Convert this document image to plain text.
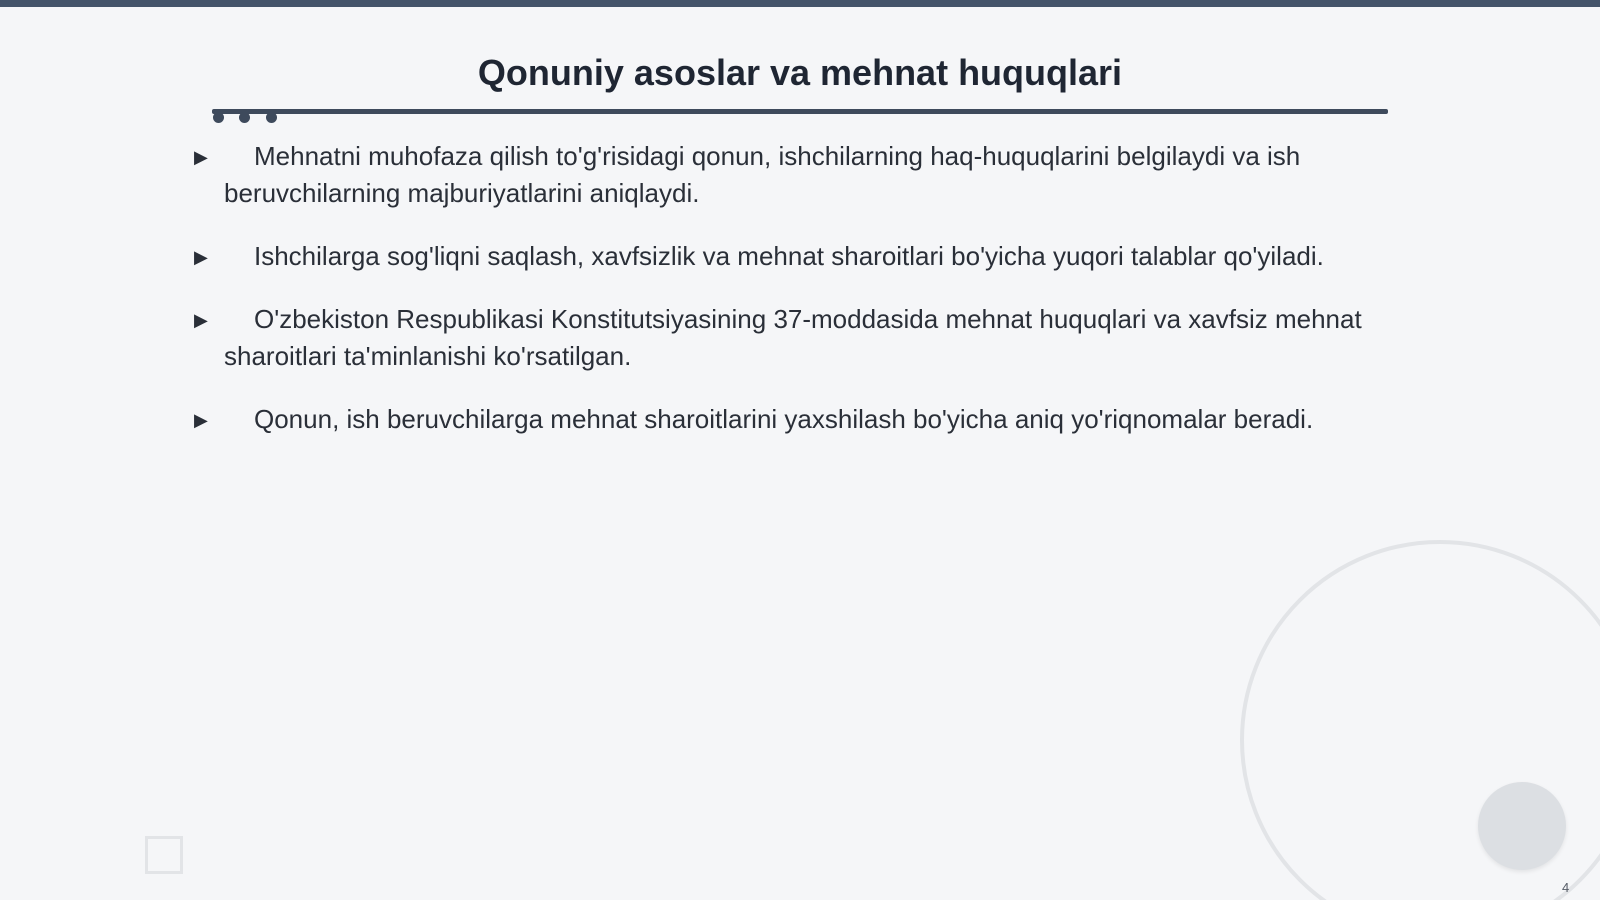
Qonuniy asoslar va mehnat huquqlari
▶ Mehnatni muhofaza qilish to'g'risidagi qonun, ishchilarning haq-huquqlarini belgilaydi va ish beruvchilarning majburiyatlarini aniqlaydi.
▶ Ishchilarga sog'liqni saqlash, xavfsizlik va mehnat sharoitlari bo'yicha yuqori talablar qo'yiladi.
▶ O'zbekiston Respublikasi Konstitutsiyasining 37-moddasida mehnat huquqlari va xavfsiz mehnat sharoitlari ta'minlanishi ko'rsatilgan.
▶ Qonun, ish beruvchilarga mehnat sharoitlarini yaxshilash bo'yicha aniq yo'riqnomalar beradi.
4
